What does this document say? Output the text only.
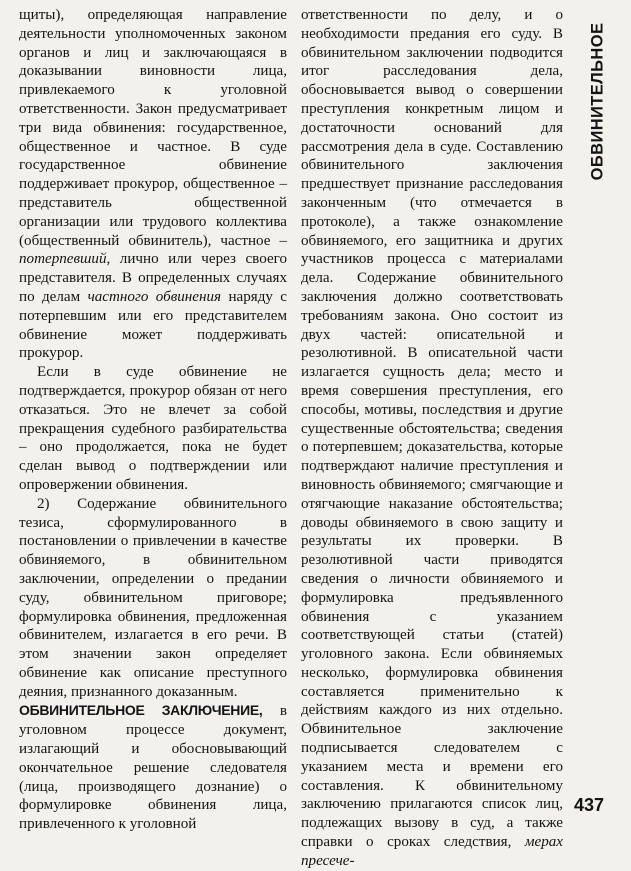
щиты), определяющая направление деятельности уполномоченных законом органов и лиц и заключающаяся в доказывании виновности лица, привлекаемого к уголовной ответственности. Закон предусматривает три вида обвинения: государственное, общественное и частное. В суде государственное обвинение поддерживает прокурор, общественное – представитель общественной организации или трудового коллектива (общественный обвинитель), частное – потерпевший, лично или через своего представителя. В определенных случаях по делам частного обвинения наряду с потерпевшим или его представителем обвинение может поддерживать прокурор.

Если в суде обвинение не подтверждается, прокурор обязан от него отказаться. Это не влечет за собой прекращения судебного разбирательства – оно продолжается, пока не будет сделан вывод о подтверждении или опровержении обвинения.

2) Содержание обвинительного тезиса, сформулированного в постановлении о привлечении в качестве обвиняемого, в обвинительном заключении, определении о предании суду, обвинительном приговоре; формулировка обвинения, предложенная обвинителем, излагается в его речи. В этом значении закон определяет обвинение как описание преступного деяния, признанного доказанным.

ОБВИНИТЕЛЬНОЕ ЗАКЛЮЧЕНИЕ, в уголовном процессе документ, излагающий и обосновывающий окончательное решение следователя (лица, производящего дознание) о формулировке обвинения лица, привлеченного к уголовной

ответственности по делу, и о необходимости предания его суду. В обвинительном заключении подводится итог расследования дела, обосновывается вывод о совершении преступления конкретным лицом и достаточности оснований для рассмотрения дела в суде. Составлению обвинительного заключения предшествует признание расследования законченным (что отмечается в протоколе), а также ознакомление обвиняемого, его защитника и других участников процесса с материалами дела. Содержание обвинительного заключения должно соответствовать требованиям закона. Оно состоит из двух частей: описательной и резолютивной. В описательной части излагается сущность дела; место и время совершения преступления, его способы, мотивы, последствия и другие существенные обстоятельства; сведения о потерпевшем; доказательства, которые подтверждают наличие преступления и виновность обвиняемого; смягчающие и отягчающие наказание обстоятельства; доводы обвиняемого в свою защиту и результаты их проверки. В резолютивной части приводятся сведения о личности обвиняемого и формулировка предъявленного обвинения с указанием соответствующей статьи (статей) уголовного закона. Если обвиняемых несколько, формулировка обвинения составляется применительно к действиям каждого из них отдельно. Обвинительное заключение подписывается следователем с указанием места и времени его составления. К обвинительному заключению прилагаются список лиц, подлежащих вызову в суд, а также справки о сроках следствия, мерах пресече-

ОБВИНИТЕЛЬНОЕ
437
